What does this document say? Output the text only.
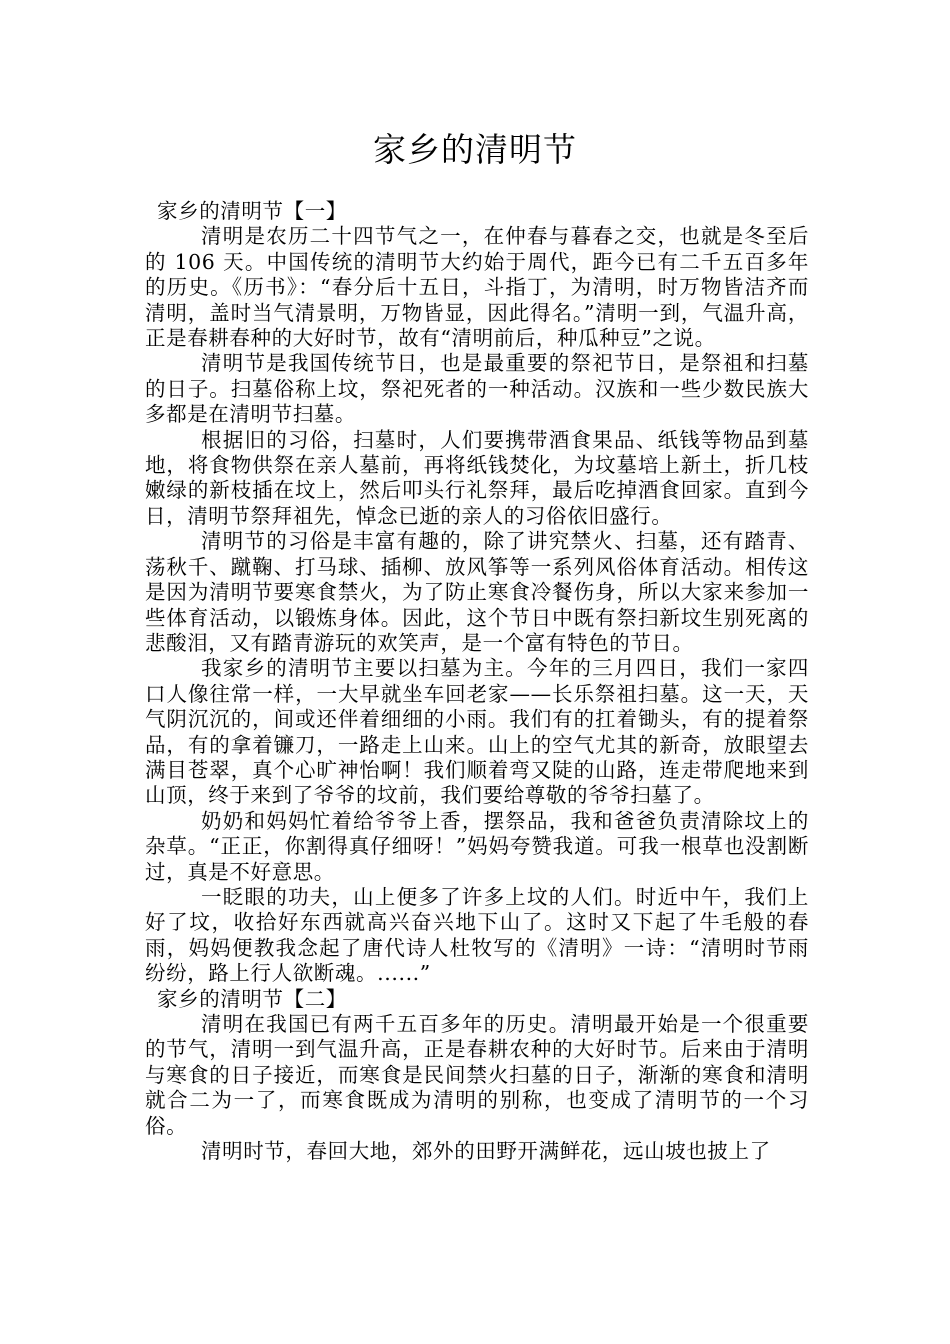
家乡的清明节
家乡的清明节【一】

清明是农历二十四节气之一，在仲春与暮春之交，也就是冬至后的 106 天。中国传统的清明节大约始于周代，距今已有二千五百多年的历史。《历书》：“春分后十五日，斗指丁，为清明，时万物皆洁齐而清明，盖时当气清景明，万物皆显，因此得名。”清明一到，气温升高，正是春耕春种的大好时节，故有“清明前后，种瓜种豆”之说。

清明节是我国传统节日，也是最重要的祭祀节日，是祭祖和扫墓的日子。扫墓俗称上坟，祭祀死者的一种活动。汉族和一些少数民族大多都是在清明节扫墓。

根据旧的习俗，扫墓时，人们要携带酒食果品、纸钱等物品到墓地，将食物供祭在亲人墓前，再将纸钱焚化，为坟墓培上新土，折几枝嫩绿的新枝插在坟上，然后叩头行礼祭拜，最后吃掉酒食回家。直到今日，清明节祭拜祖先，悼念已逝的亲人的习俗依旧盛行。

清明节的习俗是丰富有趣的，除了讲究禁火、扫墓，还有踏青、荡秋千、蹴鞠、打马球、插柳、放风筝等一系列风俗体育活动。相传这是因为清明节要寒食禁火，为了防止寒食冷餐伤身，所以大家来参加一些体育活动，以锻炼身体。因此，这个节日中既有祭扫新坟生别死离的悲酸泪，又有踏青游玩的欢笑声，是一个富有特色的节日。

我家乡的清明节主要以扫墓为主。今年的三月四日，我们一家四口人像往常一样，一大早就坐车回老家——长乐祭祖扫墓。这一天，天气阴沉沉的，间或还伴着细细的小雨。我们有的扛着锄头，有的提着祭品，有的拿着镰刀，一路走上山来。山上的空气尤其的新奇，放眼望去满目苍翠，真个心旷神怡啊！我们顺着弯又陡的山路，连走带爬地来到山顶，终于来到了爷爷的坟前，我们要给尊敬的爷爷扫墓了。

奶奶和妈妈忙着给爷爷上香，摆祭品，我和爸爸负责清除坟上的杂草。“正正，你割得真仔细呀！”妈妈夸赞我道。可我一根草也没割断过，真是不好意思。

一眨眼的功夫，山上便多了许多上坟的人们。时近中午，我们上好了坟，收拾好东西就高兴奋兴地下山了。这时又下起了牛毛般的春雨，妈妈便教我念起了唐代诗人杜牧写的《清明》一诗：“清明时节雨纷纷，路上行人欲断魂。......”

家乡的清明节【二】

清明在我国已有两千五百多年的历史。清明最开始是一个很重要的节气，清明一到气温升高，正是春耕农种的大好时节。后来由于清明与寒食的日子接近，而寒食是民间禁火扫墓的日子，渐渐的寒食和清明就合二为一了，而寒食既成为清明的别称，也变成了清明节的一个习俗。

清明时节，春回大地，郊外的田野开满鲜花，远山坡也披上了
